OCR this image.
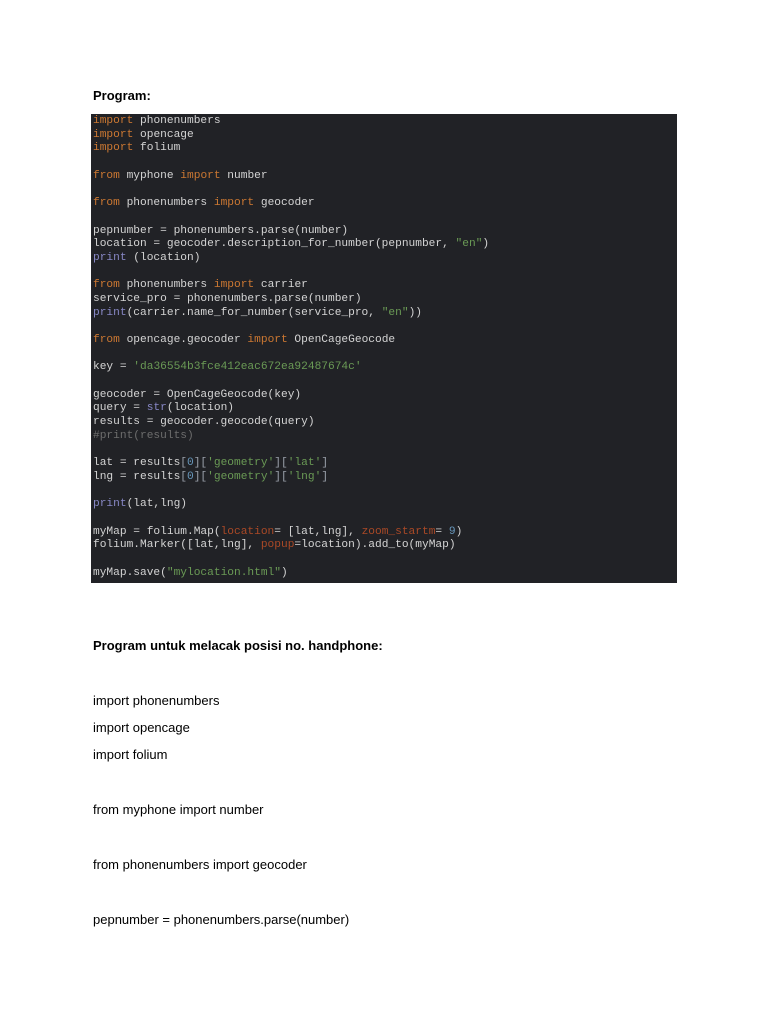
Program:

import phonenumbers
import opencage
import folium
from myphone import number
from phonenumbers import geocoder
pepnumber = phonenumbers.parse(number)
location = geocoder.description_for_number(pepnumber, "en")
print (location)
from phonenumbers import carrier
service_pro = phonenumbers.parse(number)
print(carrier.name_for_number(service_pro, "en"))
from opencage.geocoder import OpenCageGeocode
key = 'da36554b3fce412eac672ea92487674c'
geocoder = OpenCageGeocode(key)
query = str(location)
results = geocoder.geocode(query)
#print(results)
lat = results[0]['geometry']['lat']
lng = results[0]['geometry']['lng']
print(lat,lng)
myMap = folium.Map(location= [lat,lng], zoom_startm= 9)
folium.Marker([lat,lng], popup=location).add_to(myMap)
myMap.save("mylocation.html")

Program untuk melacak posisi no. handphone:

import phonenumbers

import opencage

import folium

from myphone import number

from phonenumbers import geocoder

pepnumber = phonenumbers.parse(number)
